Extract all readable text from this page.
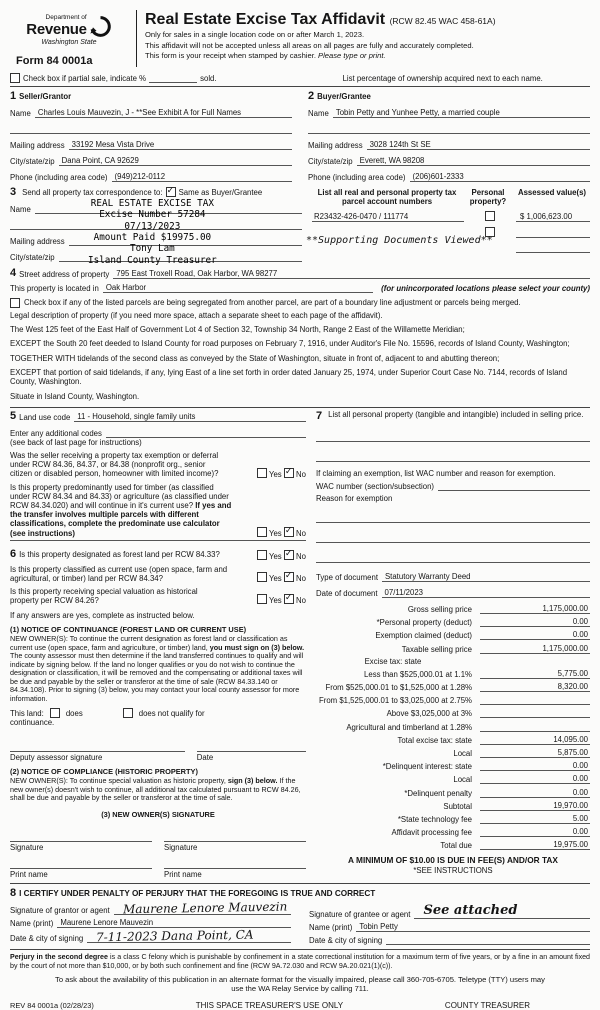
Department of
Revenue
Washington State
Form 84 0001a
Real Estate Excise Tax Affidavit (RCW 82.45 WAC 458-61A)
Only for sales in a single location code on or after March 1, 2023.
This affidavit will not be accepted unless all areas on all pages are fully and accurately completed.
This form is your receipt when stamped by cashier. Please type or print.
Check box if partial sale, indicate %	sold.	List percentage of ownership acquired next to each name.
1 Seller/Grantor
Name Charles Louis Mauvezin, J - **See Exhibit A for Full Names
Mailing address 33192 Mesa Vista Drive
City/state/zip Dana Point, CA 92629
Phone (including area code) (949)212-0112
2 Buyer/Grantee
Name Tobin Petty and Yunhee Petty, a married couple
Mailing address 3028 124th St SE
City/state/zip Everett, WA 98208
Phone (including area code) (206)601-2333
3 Send all property tax correspondence to: ✓ Same as Buyer/Grantee
Name
Mailing address
City/state/zip
REAL ESTATE EXCISE TAX
Excise Number 57284
07/13/2023
Amount Paid $19975.00
Tony Lam
Island County Treasurer
List all real and personal property tax parcel account numbers
Personal property?
Assessed value(s)
R23432-426-0470 / 111774	$ 1,006,623.00
**Supporting Documents Viewed**
4 Street address of property 795 East Troxell Road, Oak Harbor, WA 98277
This property is located in Oak Harbor	(for unincorporated locations please select your county)
Check box if any of the listed parcels are being segregated from another parcel, are part of a boundary line adjustment or parcels being merged.
Legal description of property (if you need more space, attach a separate sheet to each page of the affidavit).

The West 125 feet of the East Half of Government Lot 4 of Section 32, Township 34 North, Range 2 East of the Willamette Meridian;

EXCEPT the South 20 feet deeded to Island County for road purposes on February 7, 1916, under Auditor's File No. 15596, records of Island County, Washington;

TOGETHER WITH tidelands of the second class as conveyed by the State of Washington, situate in front of, adjacent to and abutting thereon;

EXCEPT that portion of said tidelands, if any, lying East of a line set forth in order dated January 25, 1974, under Superior Court Case No. 7144, records of Island County, Washington.

Situate in Island County, Washington.

5 Land use code 11 - Household, single family units
Enter any additional codes
(see back of last page for instructions)
Was the seller receiving a property tax exemption or deferral under RCW 84.36, 84.37, or 84.38 (nonprofit org., senior citizen or disabled person, homeowner with limited income)?	Yes ✓ No
Is this property predominantly used for timber (as classified under RCW 84.34 and 84.33) or agriculture (as classified under RCW 84.34.020) and will continue in it's current use? If yes and the transfer involves multiple parcels with different classifications, complete the predominate use calculator (see instructions)	Yes ✓ No
6 Is this property designated as forest land per RCW 84.33?	Yes ✓ No
Is this property classified as current use (open space, farm and agricultural, or timber) land per RCW 84.34?	Yes ✓ No
Is this property receiving special valuation as historical property per RCW 84.26?	Yes ✓ No
If any answers are yes, complete as instructed below.
(1) NOTICE OF CONTINUANCE (FOREST LAND OR CURRENT USE)
NEW OWNER(S): To continue the current designation as forest land or classification as current use (open space, farm and agriculture, or timber) land, you must sign on (3) below. The county assessor must then determine if the land transferred continues to qualify and will indicate by signing below. If the land no longer qualifies or you do not wish to continue the designation or classification, it will be removed and the compensating or additional taxes will be due and payable by the seller or transferor at the time of sale (RCW 84.33.140 or 84.34.108). Prior to signing (3) below, you may contact your local county assessor for more information.
This land:	does	does not qualify for
continuance.
Deputy assessor signature	Date
(2) NOTICE OF COMPLIANCE (HISTORIC PROPERTY)
NEW OWNER(S): To continue special valuation as historic property, sign (3) below. If the new owner(s) doesn't wish to continue, all additional tax calculated pursuant to RCW 84.26, shall be due and payable by the seller or transferor at the time of sale.
(3) NEW OWNER(S) SIGNATURE
Signature	Signature
Print name	Print name
7 List all personal property (tangible and intangible) included in selling price.
If claiming an exemption, list WAC number and reason for exemption.
WAC number (section/subsection)
Reason for exemption
Type of document Statutory Warranty Deed
Date of document 07/11/2023
Gross selling price	1,175,000.00
*Personal property (deduct)	0.00
Exemption claimed (deduct)	0.00
Taxable selling price	1,175,000.00
Excise tax: state
Less than $525,000.01 at 1.1%	5,775.00
From $525,000.01 to $1,525,000 at 1.28%	8,320.00
From $1,525,000.01 to $3,025,000 at 2.75%
Above $3,025,000 at 3%
Agricultural and timberland at 1.28%
Total excise tax: state	14,095.00
Local	5,875.00
*Delinquent interest: state	0.00
Local	0.00
*Delinquent penalty	0.00
Subtotal	19,970.00
*State technology fee	5.00
Affidavit processing fee	0.00
Total due	19,975.00
A MINIMUM OF $10.00 IS DUE IN FEE(S) AND/OR TAX
*SEE INSTRUCTIONS
8 I CERTIFY UNDER PENALTY OF PERJURY THAT THE FOREGOING IS TRUE AND CORRECT
Signature of grantor or agent	Maurene Lenore Mauvezin
Name (print) Maurene Lenore Mauvezin
Date & city of signing	7-11-2023 Dana Point, CA
Signature of grantee or agent	See attached
Name (print) Tobin Petty
Date & city of signing
Perjury in the second degree is a class C felony which is punishable by confinement in a state correctional institution for a maximum term of five years, or by a fine in an amount fixed by the court of not more than $10,000, or by both such confinement and fine (RCW 9A.72.030 and RCW 9A.20.021(1)(c)).
To ask about the availability of this publication in an alternate format for the visually impaired, please call 360-705-6705. Teletype (TTY) users may use the WA Relay Service by calling 711.
REV 84 0001a (02/28/23)	THIS SPACE TREASURER'S USE ONLY	COUNTY TREASURER
